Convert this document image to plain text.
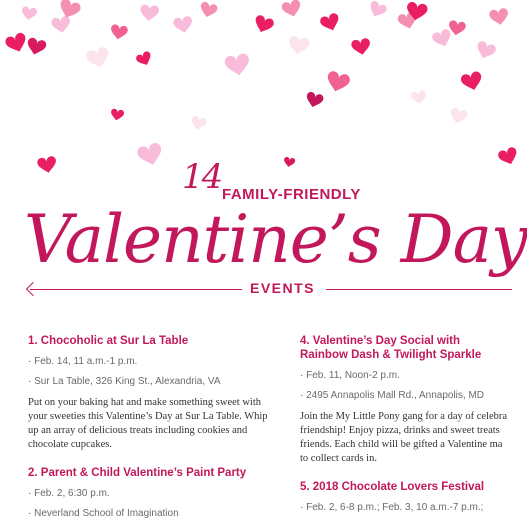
14 FAMILY-FRIENDLY
Valentine’s Day
EVENTS
1. Chocoholic at Sur La Table
· Feb. 14, 11 a.m.-1 p.m.
· Sur La Table, 326 King St., Alexandria, VA
Put on your baking hat and make something sweet with
your sweeties this Valentine’s Day at Sur La Table. Whip
up an array of delicious treats including cookies and
chocolate cupcakes.
2. Parent & Child Valentine’s Paint Party
· Feb. 2, 6:30 p.m.
· Neverland School of Imagination
4. Valentine’s Day Social with
Rainbow Dash & Twilight Sparkle
· Feb. 11, Noon-2 p.m.
· 2495 Annapolis Mall Rd., Annapolis, MD
Join the My Little Pony gang for a day of celebra
friendship! Enjoy pizza, drinks and sweet treats
friends. Each child will be gifted a Valentine ma
to collect cards in.
5. 2018 Chocolate Lovers Festival
· Feb. 2, 6-8 p.m.; Feb. 3, 10 a.m.-7 p.m.;
